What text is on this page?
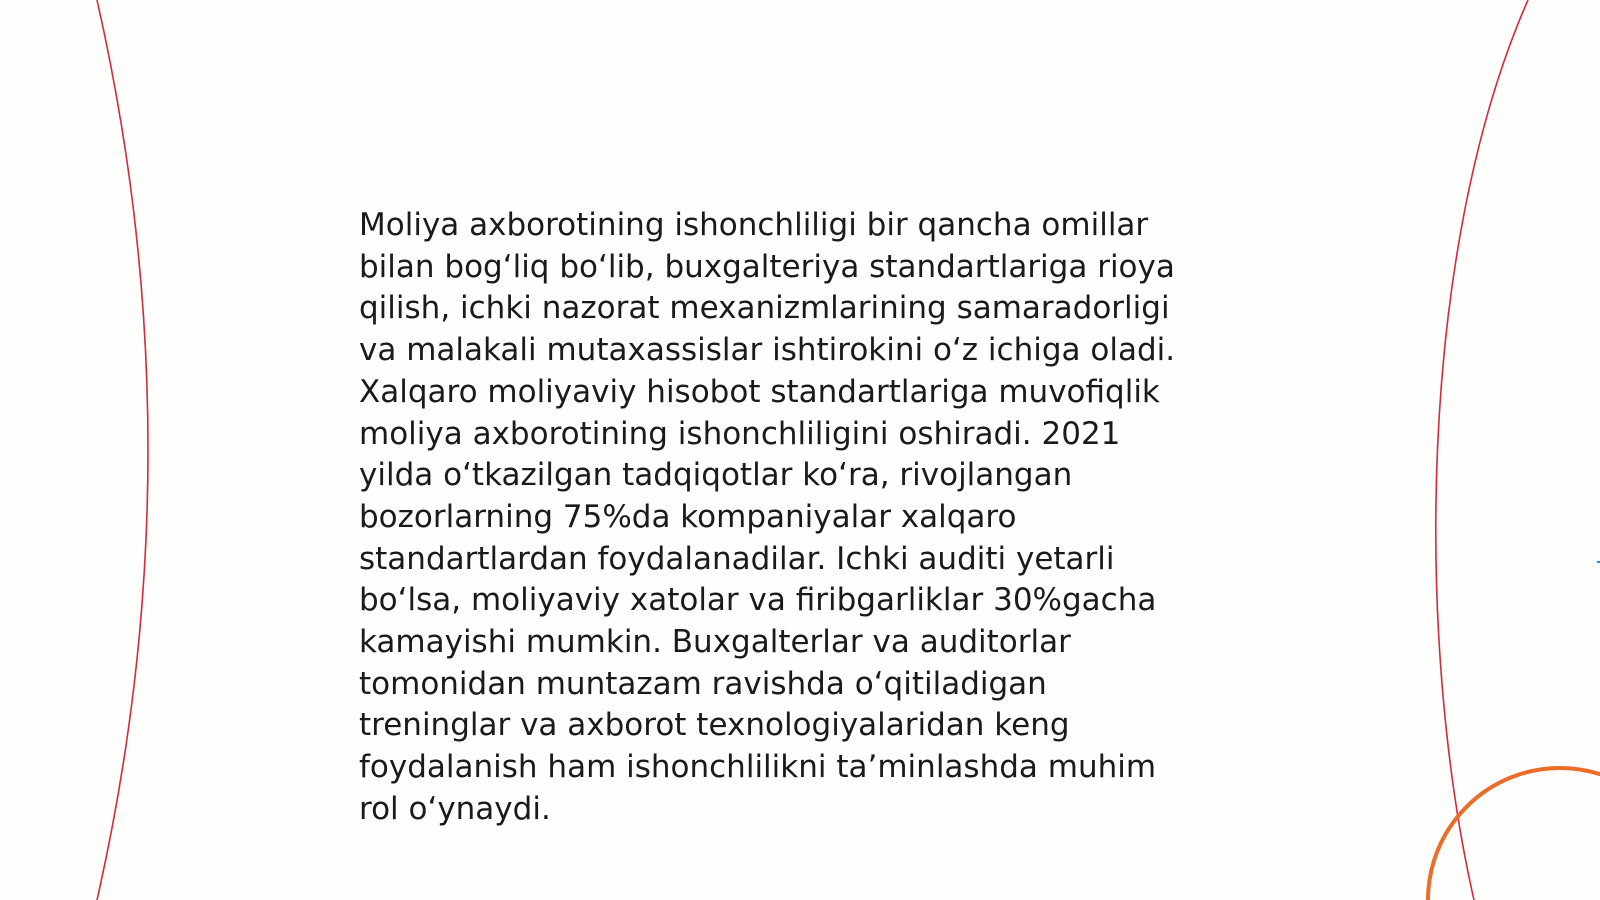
Moliya axborotining ishonchliligi bir qancha omillar
bilan bog‘liq bo‘lib, buxgalteriya standartlariga rioya
qilish, ichki nazorat mexanizmlarining samaradorligi
va malakali mutaxassislar ishtirokini o‘z ichiga oladi.
Xalqaro moliyaviy hisobot standartlariga muvofiqlik
moliya axborotining ishonchliligini oshiradi. 2021
yilda o‘tkazilgan tadqiqotlar ko‘ra, rivojlangan
bozorlarning 75%da kompaniyalar xalqaro
standartlardan foydalanadilar. Ichki auditi yetarli
bo‘lsa, moliyaviy xatolar va firibgarliklar 30%gacha
kamayishi mumkin. Buxgalterlar va auditorlar
tomonidan muntazam ravishda o‘qitiladigan
treninglar va axborot texnologiyalaridan keng
foydalanish ham ishonchlilikni ta’minlashda muhim
rol o‘ynaydi.
